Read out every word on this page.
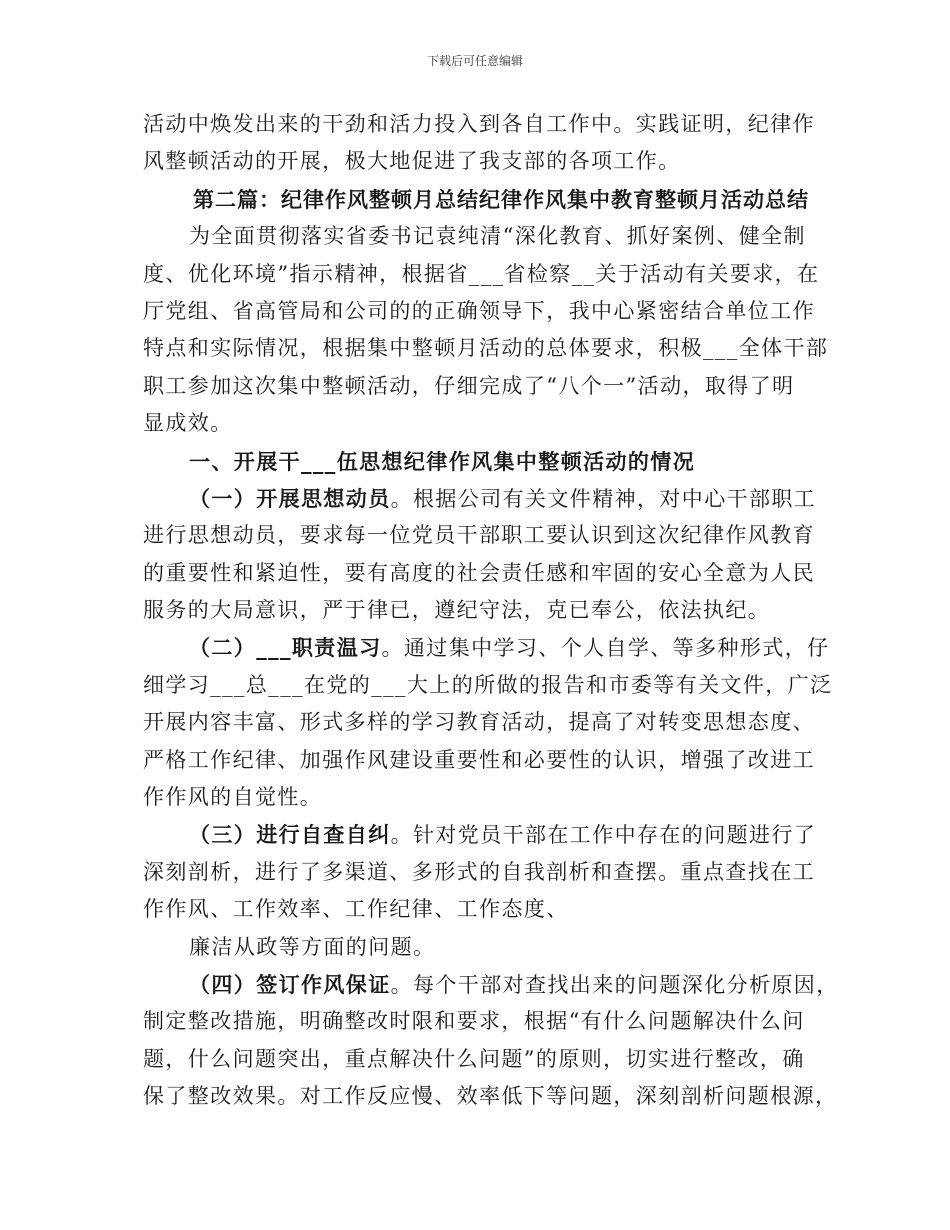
下载后可任意编辑
活动中焕发出来的干劲和活力投入到各自工作中。实践证明，纪律作
风整顿活动的开展，极大地促进了我支部的各项工作。
第二篇：纪律作风整顿月总结纪律作风集中教育整顿月活动总结
为全面贯彻落实省委书记袁纯清“深化教育、抓好案例、健全制
度、优化环境”指示精神，根据省___省检察__关于活动有关要求，在
厅党组、省高管局和公司的的正确领导下，我中心紧密结合单位工作
特点和实际情况，根据集中整顿月活动的总体要求，积极___全体干部
职工参加这次集中整顿活动，仔细完成了“八个一”活动，取得了明
显成效。
一、开展干___伍思想纪律作风集中整顿活动的情况
（一）开展思想动员。根据公司有关文件精神，对中心干部职工
进行思想动员，要求每一位党员干部职工要认识到这次纪律作风教育
的重要性和紧迫性，要有高度的社会责任感和牢固的安心全意为人民
服务的大局意识，严于律已，遵纪守法，克已奉公，依法执纪。
（二）___职责温习。通过集中学习、个人自学、等多种形式，仔
细学习___总___在党的___大上的所做的报告和市委等有关文件，广泛
开展内容丰富、形式多样的学习教育活动，提高了对转变思想态度、
严格工作纪律、加强作风建设重要性和必要性的认识，增强了改进工
作作风的自觉性。
（三）进行自查自纠。针对党员干部在工作中存在的问题进行了
深刻剖析，进行了多渠道、多形式的自我剖析和查摆。重点查找在工
作作风、工作效率、工作纪律、工作态度、
廉洁从政等方面的问题。
（四）签订作风保证。每个干部对查找出来的问题深化分析原因，
制定整改措施，明确整改时限和要求，根据“有什么问题解决什么问
题，什么问题突出，重点解决什么问题”的原则，切实进行整改，确
保了整改效果。对工作反应慢、效率低下等问题，深刻剖析问题根源，
